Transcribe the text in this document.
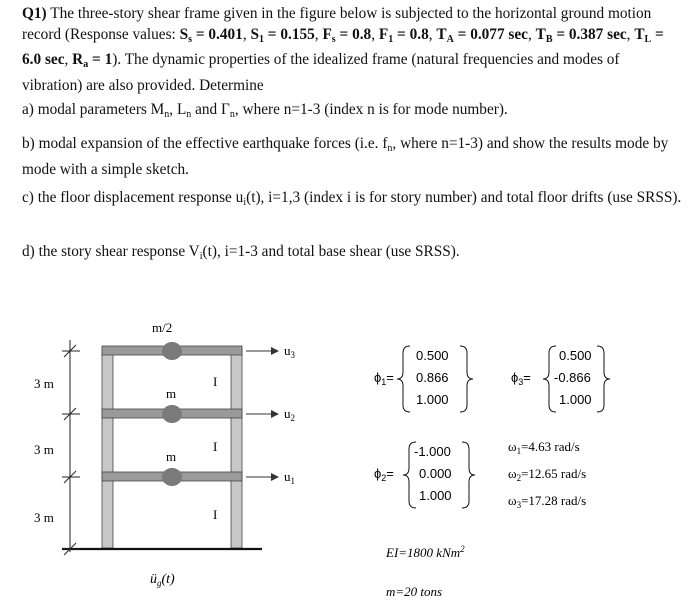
Q1) The three-story shear frame given in the figure below is subjected to the horizontal ground motion record (Response values: $S_s = 0.401$, $S_1 = 0.155$, $F_s = 0.8$, $F_1 = 0.8$, $T_A = 0.077$ sec, $T_B = 0.387$ sec, $T_L = 6.0$ sec, $R_a = 1$). The dynamic properties of the idealized frame (natural frequencies and modes of vibration) are also provided. Determine
a) modal parameters $M_n$, $L_n$ and $\Gamma_n$, where n=1-3 (index n is for mode number).
b) modal expansion of the effective earthquake forces (i.e. $f_n$, where n=1-3) and show the results mode by mode with a simple sketch.
c) the floor displacement response $u_i(t)$, i=1,3 (index i is for story number) and total floor drifts (use SRSS).
d) the story shear response $V_i(t)$, i=1-3 and total base shear (use SRSS).
3 m
3 m
3 m
m/2
m
m
I
I
I
$u_3$
$u_2$
$u_1$
$ü_g(t)$
$\phi_1=$
0.500
0.866
1.000
$\phi_3=$
0.500
-0.866
1.000
$\phi_2=$
-1.000
0.000
1.000
$\omega_1=4.63$ rad/s
$\omega_2=12.65$ rad/s
$\omega_3=17.28$ rad/s
EI=1800 kNm$^2$
m=20 tons
